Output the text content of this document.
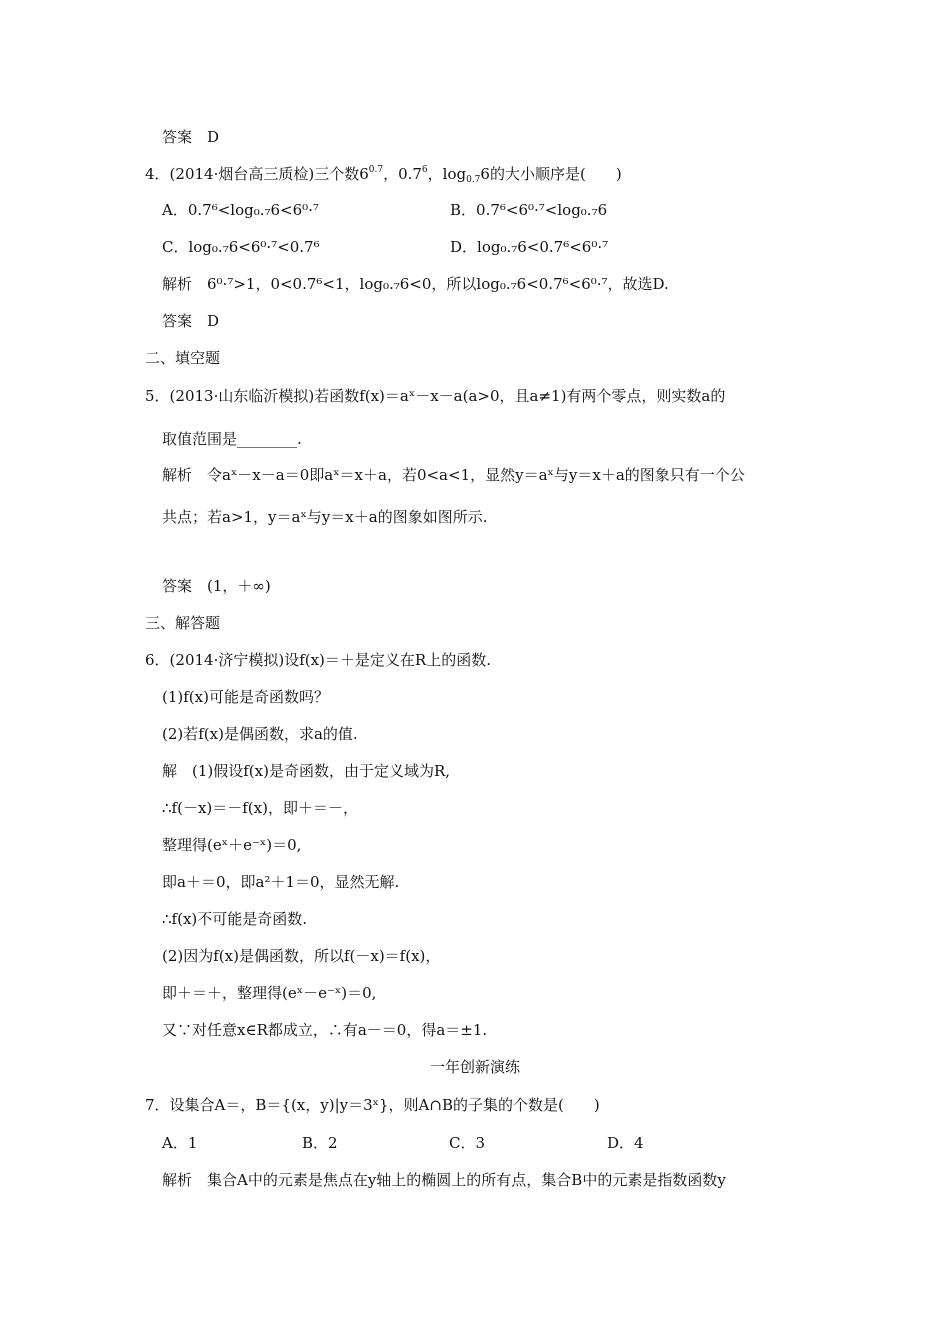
答案　D
4．(2014·烟台高三质检)三个数$6^{0.7}$，$0.7^6$，$\log_{0.7}6$的大小顺序是(　　)
A．0.7⁶<log₀.₇6<6⁰·⁷	B．0.7⁶<6⁰·⁷<log₀.₇6
C．log₀.₇6<6⁰·⁷<0.7⁶	D．log₀.₇6<0.7⁶<6⁰·⁷
解析　6⁰·⁷>1，0<0.7⁶<1，log₀.₇6<0，所以log₀.₇6<0.7⁶<6⁰·⁷，故选D.
答案　D
二、填空题
5．(2013·山东临沂模拟)若函数f(x)＝aˣ－x－a(a>0，且a≠1)有两个零点，则实数a的
取值范围是________.
解析　令aˣ－x－a＝0即aˣ＝x＋a，若0<a<1，显然y＝aˣ与y＝x＋a的图象只有一个公
共点；若a>1，y＝aˣ与y＝x＋a的图象如图所示.
答案　(1，＋∞)
三、解答题
6．(2014·济宁模拟)设f(x)＝＋是定义在R上的函数.
(1)f(x)可能是奇函数吗？
(2)若f(x)是偶函数，求a的值.
解　(1)假设f(x)是奇函数，由于定义域为R,
∴f(－x)＝－f(x)，即＋＝－，
整理得(eˣ＋e⁻ˣ)＝0,
即a＋＝0，即a²＋1＝0，显然无解.
∴f(x)不可能是奇函数.
(2)因为f(x)是偶函数，所以f(－x)＝f(x)，
即＋＝＋，整理得(eˣ－e⁻ˣ)＝0,
又∵对任意x∈R都成立，∴有a－＝0，得a＝±1.
一年创新演练
7．设集合A＝，B＝{(x，y)|y＝3ˣ}，则A∩B的子集的个数是(　　)
A．1	B．2	C．3	D．4
解析　集合A中的元素是焦点在y轴上的椭圆上的所有点，集合B中的元素是指数函数y
